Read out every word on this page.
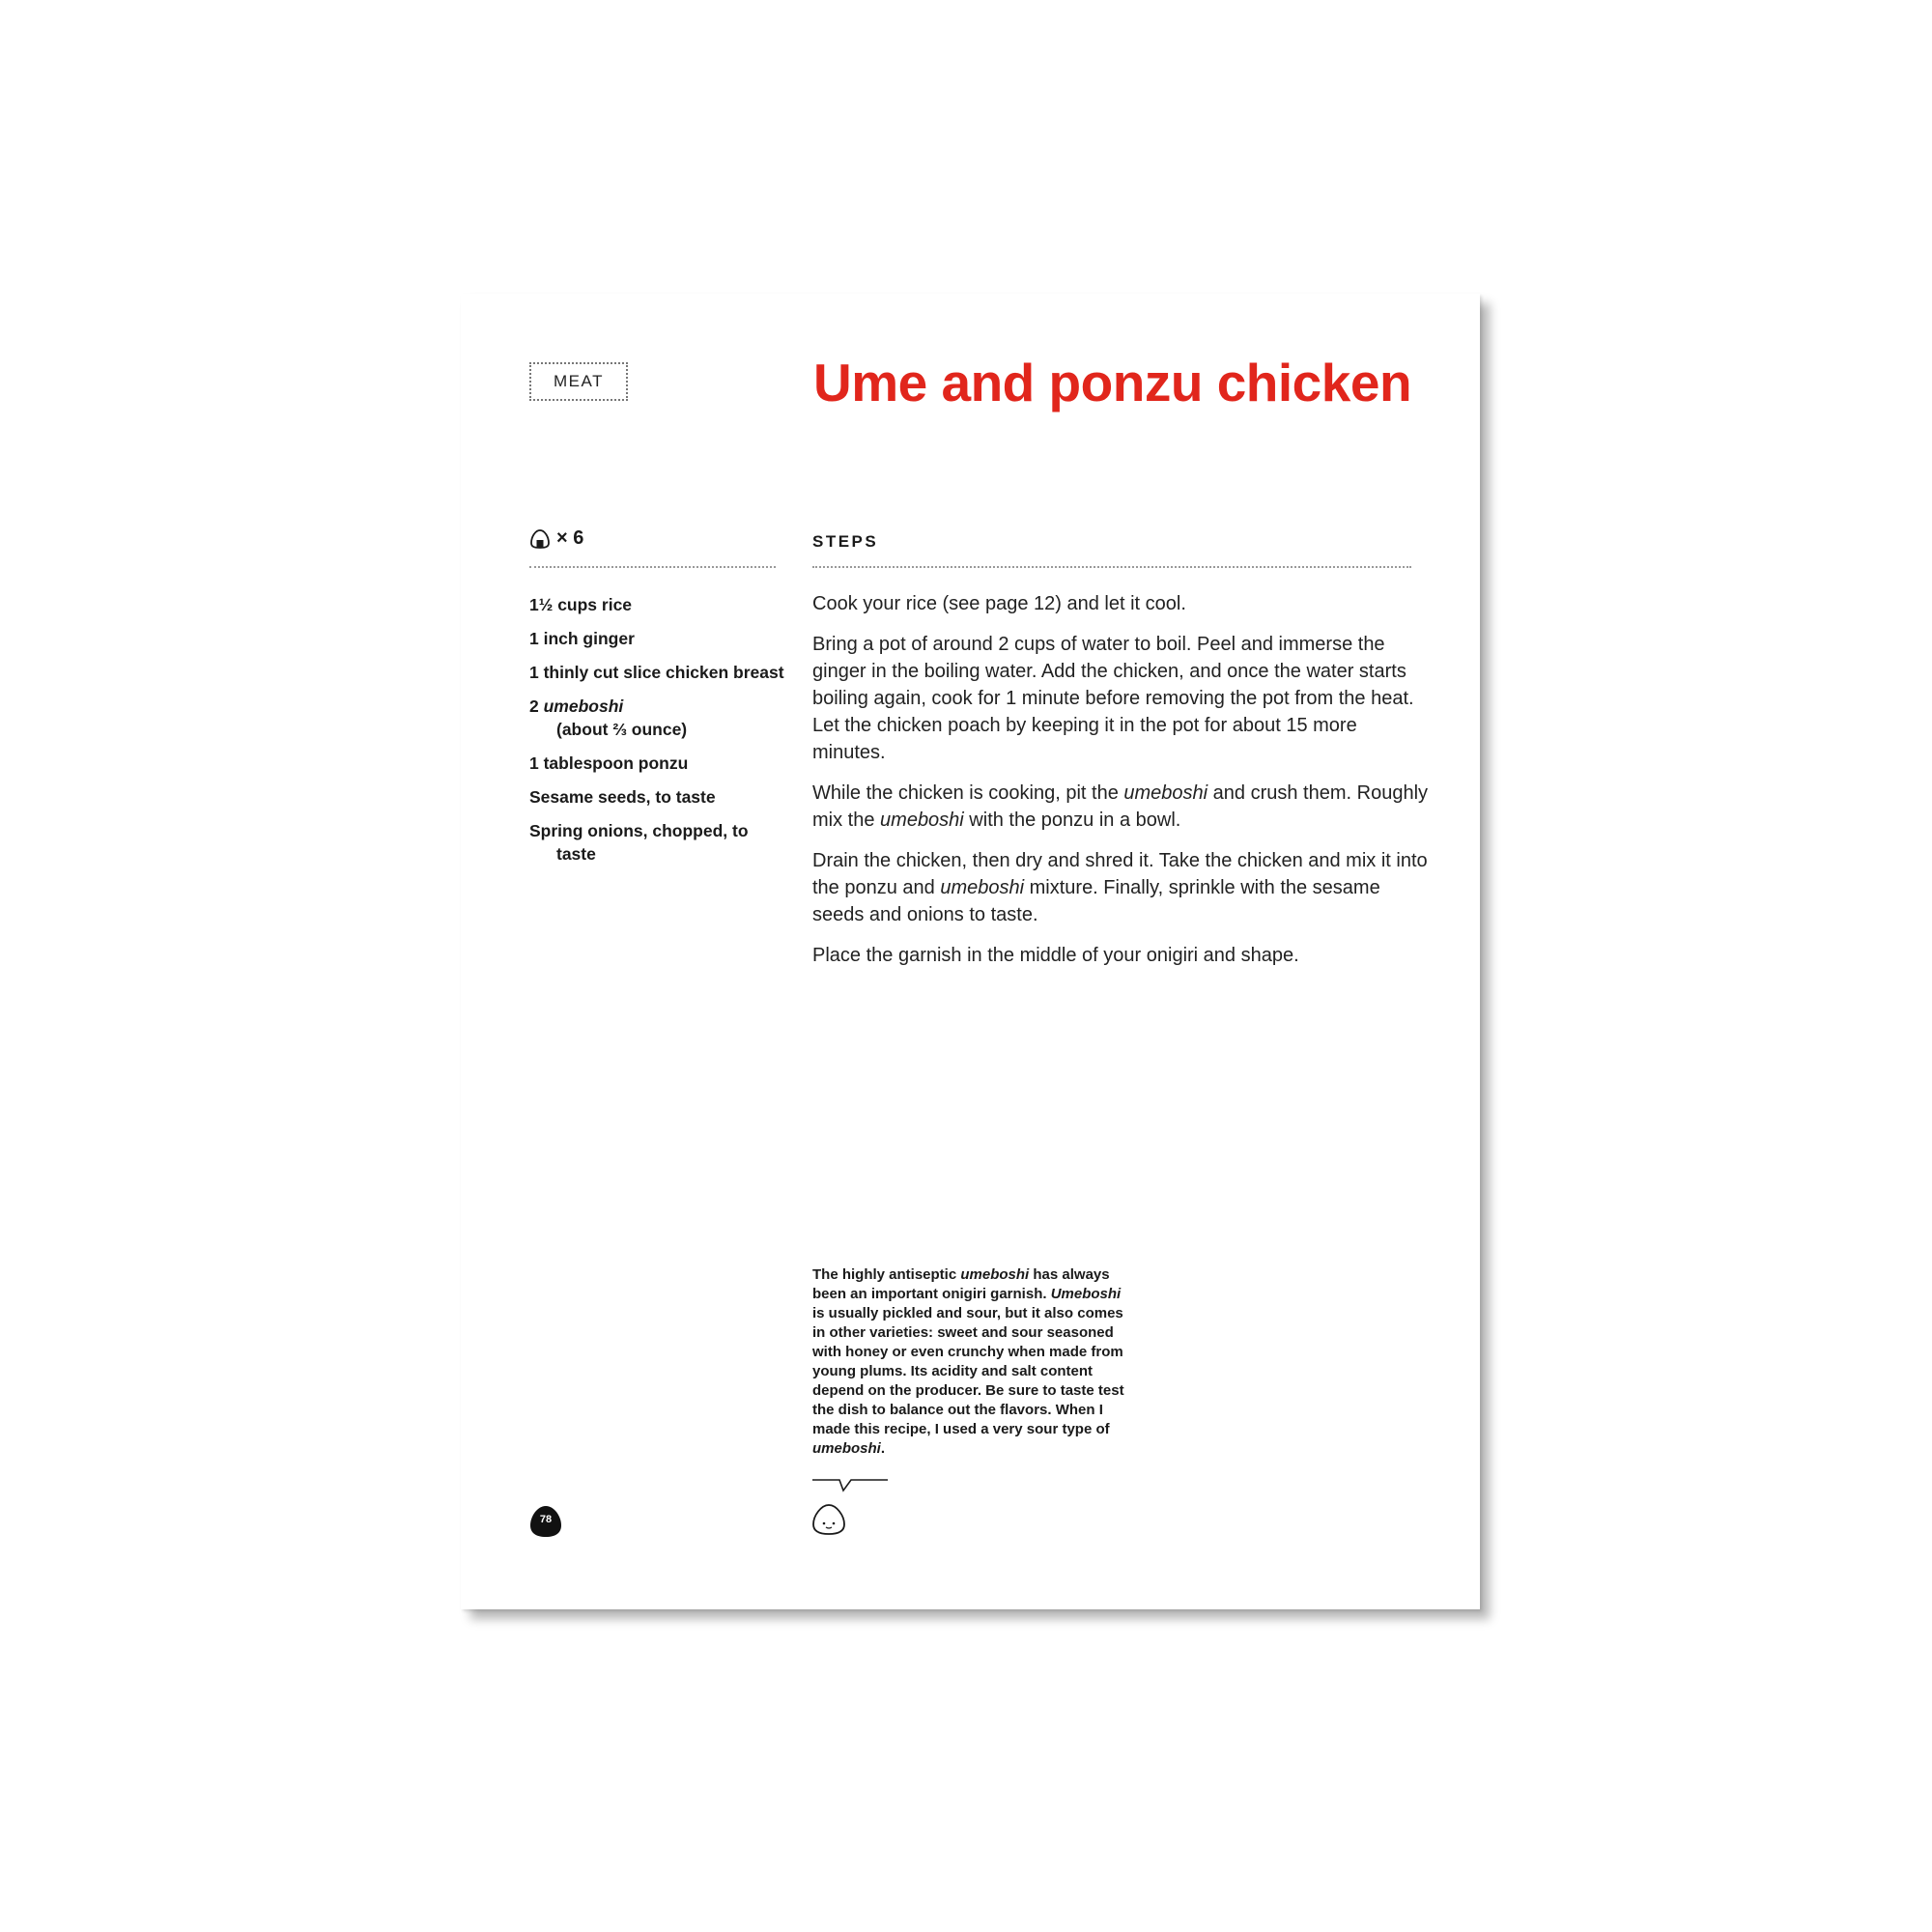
MEAT	Ume and ponzu chicken
× 6	STEPS
1½ cups rice
1 inch ginger
1 thinly cut slice chicken breast
2 umeboshi
(about ⅔ ounce)
1 tablespoon ponzu
Sesame seeds, to taste
Spring onions, chopped, to taste

Cook your rice (see page 12) and let it cool.

Bring a pot of around 2 cups of water to boil. Peel and immerse the ginger in the boiling water. Add the chicken, and once the water starts boiling again, cook for 1 minute before removing the pot from the heat. Let the chicken poach by keeping it in the pot for about 15 more minutes.

While the chicken is cooking, pit the umeboshi and crush them. Roughly mix the umeboshi with the ponzu in a bowl.

Drain the chicken, then dry and shred it. Take the chicken and mix it into the ponzu and umeboshi mixture. Finally, sprinkle with the sesame seeds and onions to taste.

Place the garnish in the middle of your onigiri and shape.

The highly antiseptic umeboshi has always been an important onigiri garnish. Umeboshi is usually pickled and sour, but it also comes in other varieties: sweet and sour seasoned with honey or even crunchy when made from young plums. Its acidity and salt content depend on the producer. Be sure to taste test the dish to balance out the flavors. When I made this recipe, I used a very sour type of umeboshi.

78
